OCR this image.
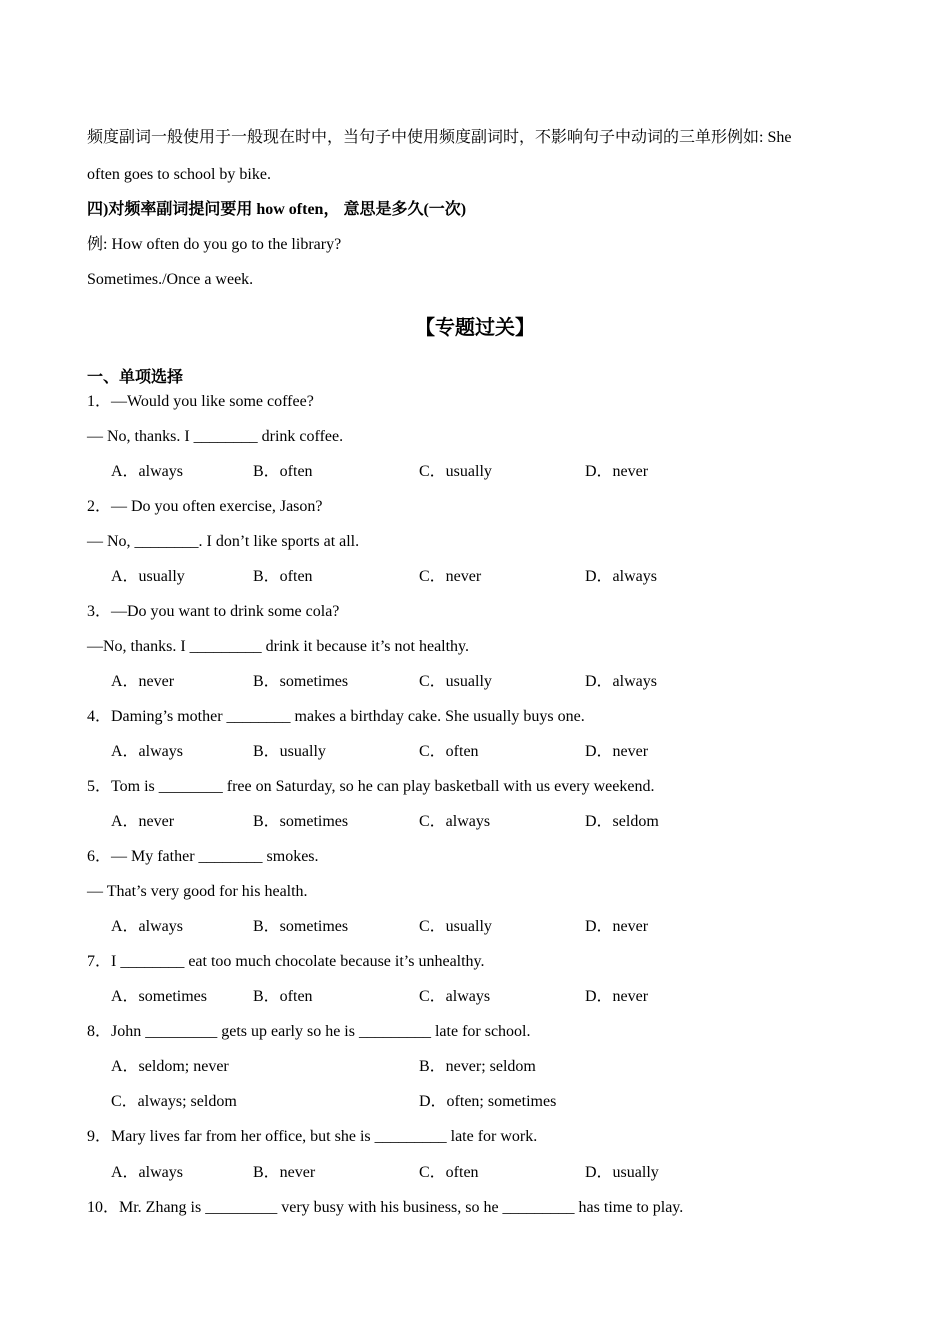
频度副词一般使用于一般现在时中，当句子中使用频度副词时，不影响句子中动词的三单形例如: She
often goes to school by bike.
四)对频率副词提问要用 how often， 意思是多久(一次)
例: How often do you go to the library?
Sometimes./Once a week.
【专题过关】
一、单项选择
1．—Would you like some coffee?
— No, thanks. I ________ drink coffee.
A．always	B．often	C．usually	D．never
2．— Do you often exercise, Jason?
— No, ________. I don’t like sports at all.
A．usually	B．often	C．never	D．always
3．—Do you want to drink some cola?
—No, thanks. I _________ drink it because it’s not healthy.
A．never	B．sometimes	C．usually	D．always
4．Daming’s mother ________ makes a birthday cake. She usually buys one.
A．always	B．usually	C．often	D．never
5．Tom is ________ free on Saturday, so he can play basketball with us every weekend.
A．never	B．sometimes	C．always	D．seldom
6．— My father ________ smokes.
— That’s very good for his health.
A．always	B．sometimes	C．usually	D．never
7．I ________ eat too much chocolate because it’s unhealthy.
A．sometimes	B．often	C．always	D．never
8．John _________ gets up early so he is _________ late for school.
A．seldom; never	B．never; seldom
C．always; seldom	D．often; sometimes
9．Mary lives far from her office, but she is _________ late for work.
A．always	B．never	C．often	D．usually
10．Mr. Zhang is _________ very busy with his business, so he _________ has time to play.
